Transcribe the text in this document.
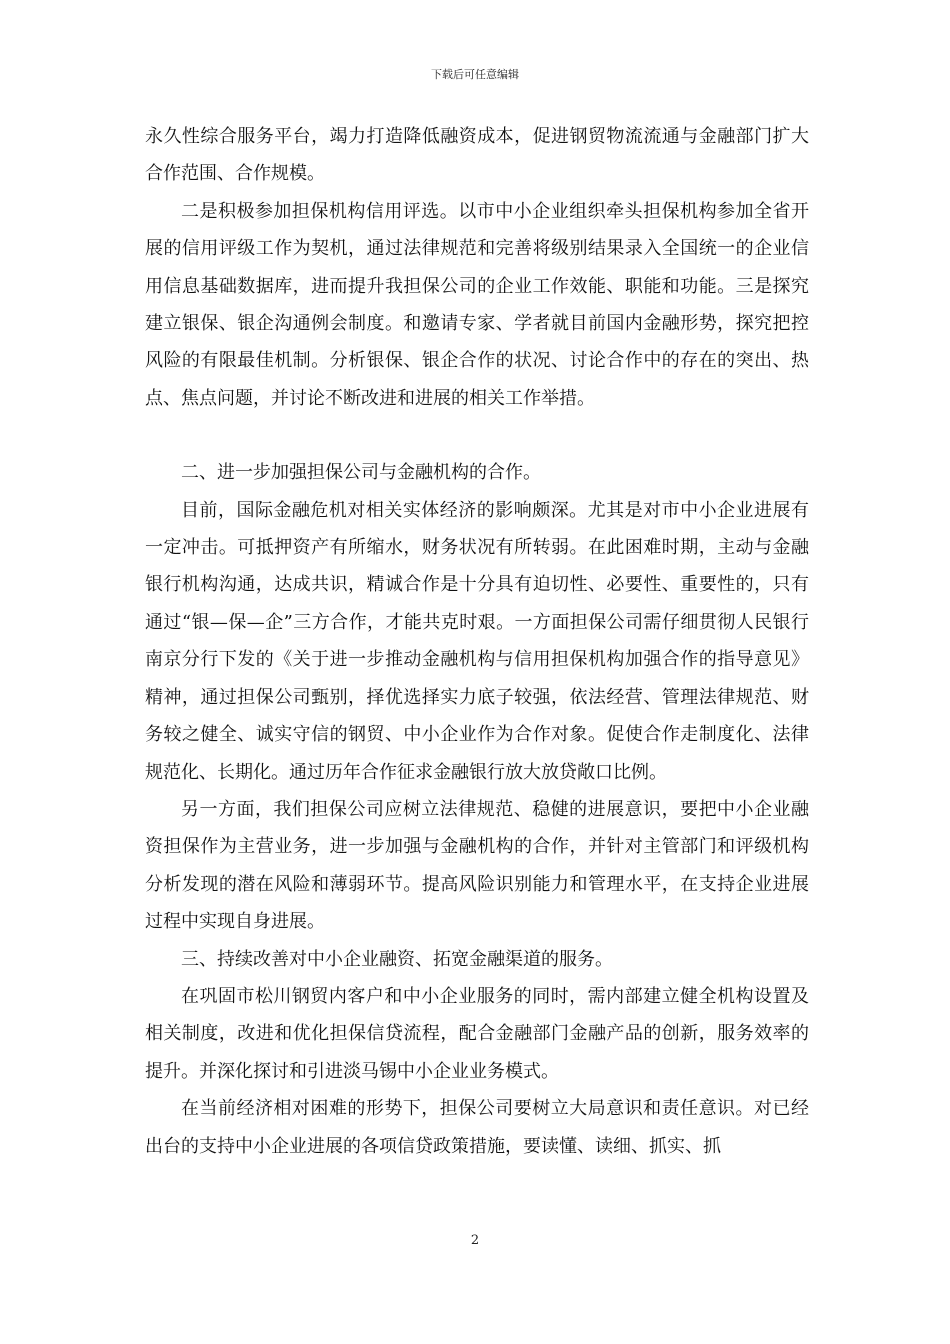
下载后可任意编辑

永久性综合服务平台，竭力打造降低融资成本，促进钢贸物流流通与金融部门扩大合作范围、合作规模。

二是积极参加担保机构信用评选。以市中小企业组织牵头担保机构参加全省开展的信用评级工作为契机，通过法律规范和完善将级别结果录入全国统一的企业信用信息基础数据库，进而提升我担保公司的企业工作效能、职能和功能。三是探究建立银保、银企沟通例会制度。和邀请专家、学者就目前国内金融形势，探究把控风险的有限最佳机制。分析银保、银企合作的状况、讨论合作中的存在的突出、热点、焦点问题，并讨论不断改进和进展的相关工作举措。

二、进一步加强担保公司与金融机构的合作。

目前，国际金融危机对相关实体经济的影响颇深。尤其是对市中小企业进展有一定冲击。可抵押资产有所缩水，财务状况有所转弱。在此困难时期，主动与金融银行机构沟通，达成共识，精诚合作是十分具有迫切性、必要性、重要性的，只有通过“银—保—企”三方合作，才能共克时艰。一方面担保公司需仔细贯彻人民银行南京分行下发的《关于进一步推动金融机构与信用担保机构加强合作的指导意见》精神，通过担保公司甄别，择优选择实力底子较强，依法经营、管理法律规范、财务较之健全、诚实守信的钢贸、中小企业作为合作对象。促使合作走制度化、法律规范化、长期化。通过历年合作征求金融银行放大放贷敞口比例。

另一方面，我们担保公司应树立法律规范、稳健的进展意识，要把中小企业融资担保作为主营业务，进一步加强与金融机构的合作，并针对主管部门和评级机构分析发现的潜在风险和薄弱环节。提高风险识别能力和管理水平，在支持企业进展过程中实现自身进展。

三、持续改善对中小企业融资、拓宽金融渠道的服务。

在巩固市松川钢贸内客户和中小企业服务的同时，需内部建立健全机构设置及相关制度，改进和优化担保信贷流程，配合金融部门金融产品的创新，服务效率的提升。并深化探讨和引进淡马锡中小企业业务模式。

在当前经济相对困难的形势下，担保公司要树立大局意识和责任意识。对已经出台的支持中小企业进展的各项信贷政策措施，要读懂、读细、抓实、抓

2
